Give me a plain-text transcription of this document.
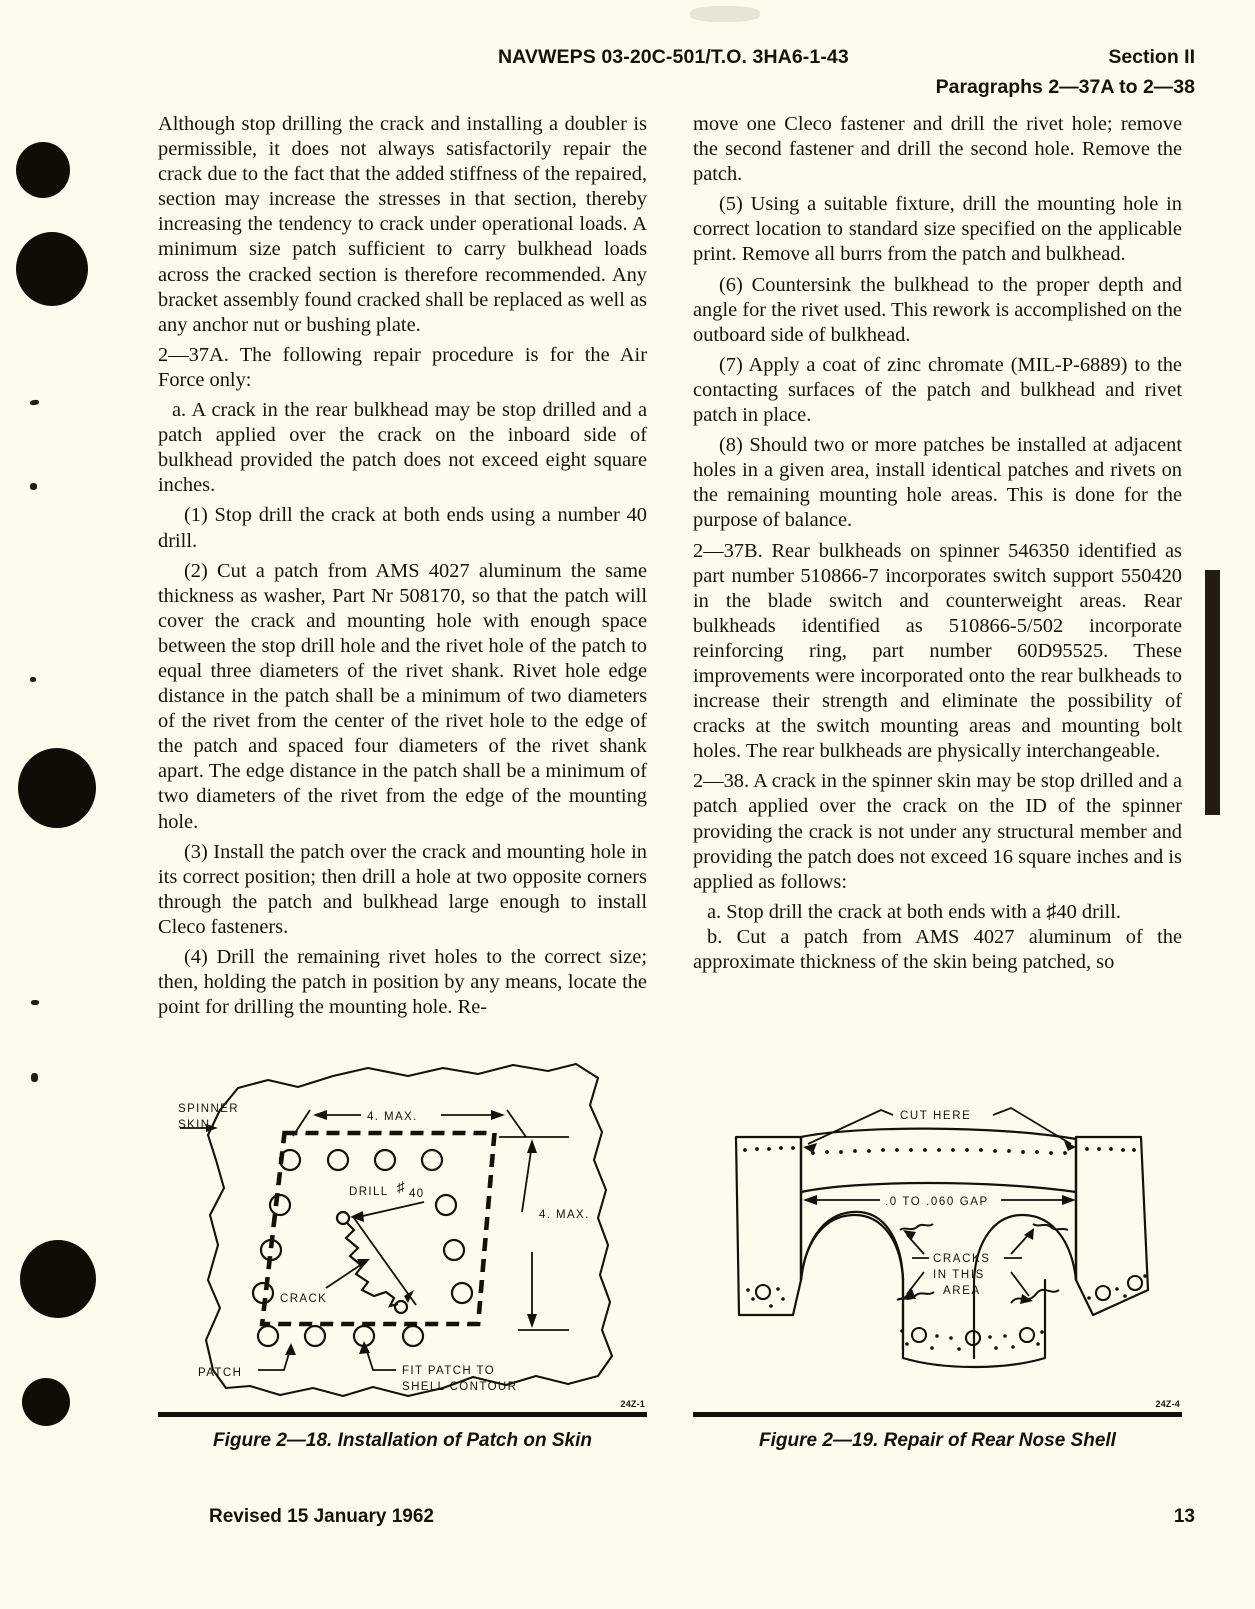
NAVWEPS 03-20C-501/T.O. 3HA6-1-43	Section II
Paragraphs 2—37A to 2—38

Although stop drilling the crack and installing a doubler is permissible, it does not always satisfactorily repair the crack due to the fact that the added stiffness of the repaired, section may increase the stresses in that section, thereby increasing the tendency to crack under operational loads. A minimum size patch sufficient to carry bulkhead loads across the cracked section is therefore recommended. Any bracket assembly found cracked shall be replaced as well as any anchor nut or bushing plate.

2—37A. The following repair procedure is for the Air Force only:

a. A crack in the rear bulkhead may be stop drilled and a patch applied over the crack on the inboard side of bulkhead provided the patch does not exceed eight square inches.

(1) Stop drill the crack at both ends using a number 40 drill.

(2) Cut a patch from AMS 4027 aluminum the same thickness as washer, Part Nr 508170, so that the patch will cover the crack and mounting hole with enough space between the stop drill hole and the rivet hole of the patch to equal three diameters of the rivet shank. Rivet hole edge distance in the patch shall be a minimum of two diameters of the rivet from the center of the rivet hole to the edge of the patch and spaced four diameters of the rivet shank apart. The edge distance in the patch shall be a minimum of two diameters of the rivet from the edge of the mounting hole.

(3) Install the patch over the crack and mounting hole in its correct position; then drill a hole at two opposite corners through the patch and bulkhead large enough to install Cleco fasteners.

(4) Drill the remaining rivet holes to the correct size; then, holding the patch in position by any means, locate the point for drilling the mounting hole. Re-

move one Cleco fastener and drill the rivet hole; remove the second fastener and drill the second hole. Remove the patch.

(5) Using a suitable fixture, drill the mounting hole in correct location to standard size specified on the applicable print. Remove all burrs from the patch and bulkhead.

(6) Countersink the bulkhead to the proper depth and angle for the rivet used. This rework is accomplished on the outboard side of bulkhead.

(7) Apply a coat of zinc chromate (MIL-P-6889) to the contacting surfaces of the patch and bulkhead and rivet patch in place.

(8) Should two or more patches be installed at adjacent holes in a given area, install identical patches and rivets on the remaining mounting hole areas. This is done for the purpose of balance.

2—37B. Rear bulkheads on spinner 546350 identified as part number 510866-7 incorporates switch support 550420 in the blade switch and counterweight areas. Rear bulkheads identified as 510866-5/502 incorporate reinforcing ring, part number 60D95525. These improvements were incorporated onto the rear bulkheads to increase their strength and eliminate the possibility of cracks at the switch mounting areas and mounting bolt holes. The rear bulkheads are physically interchangeable.

2—38. A crack in the spinner skin may be stop drilled and a patch applied over the crack on the ID of the spinner providing the crack is not under any structural member and providing the patch does not exceed 16 square inches and is applied as follows:

a. Stop drill the crack at both ends with a ♯40 drill.

b. Cut a patch from AMS 4027 aluminum of the approximate thickness of the skin being patched, so

SPINNER
SKIN
4. MAX.
4. MAX.
DRILL
CRACK
PATCH	FIT PATCH TO
SHELL CONTOUR
♯ 40
24Z-1
Figure 2—18. Installation of Patch on Skin
CUT HERE
.0 TO .060 GAP
CRACKS
IN THIS
AREA
24Z-4
Figure 2—19. Repair of Rear Nose Shell
Revised 15 January 1962	13
